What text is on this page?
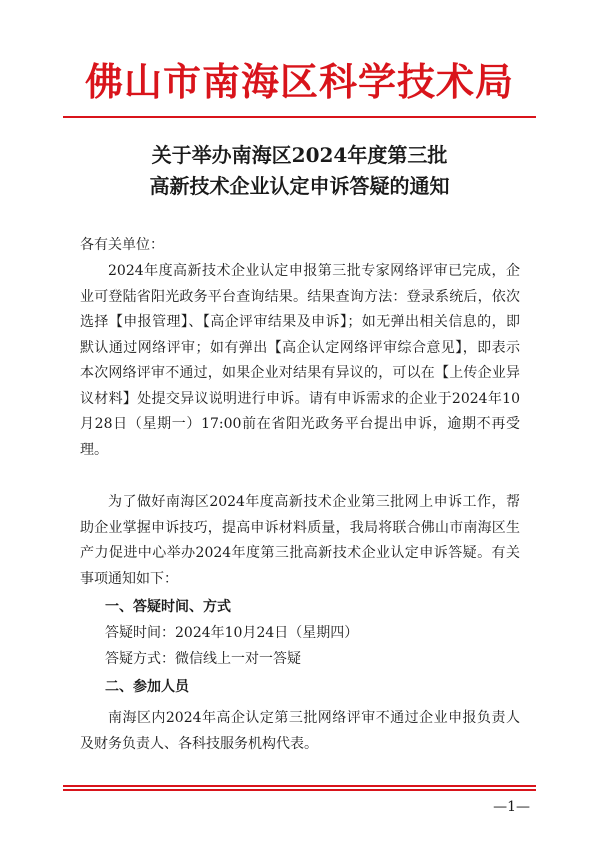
佛山市南海区科学技术局
关于举办南海区2024年度第三批
高新技术企业认定申诉答疑的通知
各有关单位：
2024年度高新技术企业认定申报第三批专家网络评审已完成，企业可登陆省阳光政务平台查询结果。结果查询方法：登录系统后，依次选择【申报管理】、【高企评审结果及申诉】；如无弹出相关信息的，即默认通过网络评审；如有弹出【高企认定网络评审综合意见】，即表示本次网络评审不通过，如果企业对结果有异议的，可以在【上传企业异议材料】处提交异议说明进行申诉。请有申诉需求的企业于2024年10月28日（星期一）17:00前在省阳光政务平台提出申诉，逾期不再受理。
为了做好南海区2024年度高新技术企业第三批网上申诉工作，帮助企业掌握申诉技巧，提高申诉材料质量，我局将联合佛山市南海区生产力促进中心举办2024年度第三批高新技术企业认定申诉答疑。有关事项通知如下：
一、答疑时间、方式
答疑时间：2024年10月24日（星期四）
答疑方式：微信线上一对一答疑
二、参加人员
南海区内2024年高企认定第三批网络评审不通过企业申报负责人及财务负责人、各科技服务机构代表。
—1—
